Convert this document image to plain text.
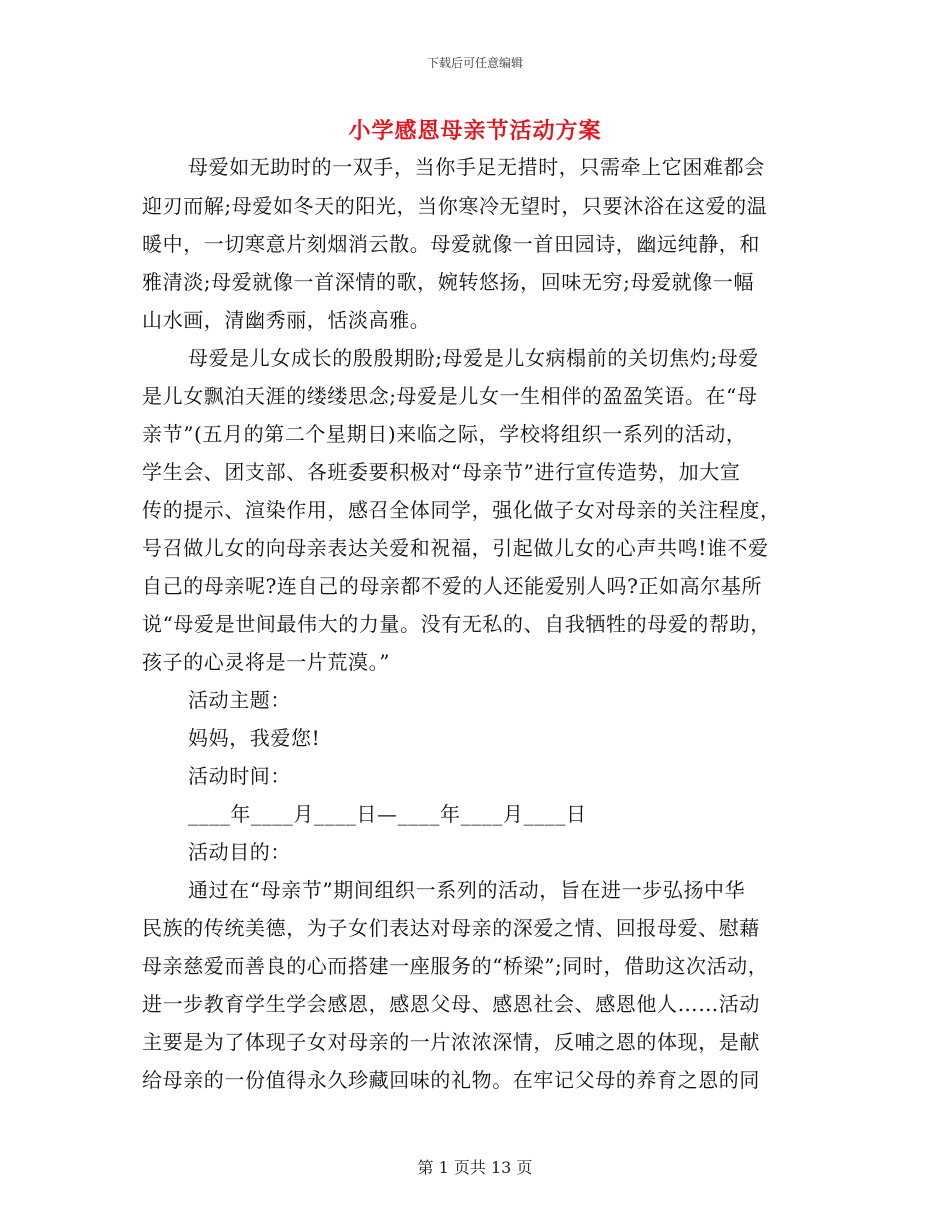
下载后可任意编辑
小学感恩母亲节活动方案
母爱如无助时的一双手，当你手足无措时，只需牵上它困难都会
迎刃而解;母爱如冬天的阳光，当你寒冷无望时，只要沐浴在这爱的温
暖中，一切寒意片刻烟消云散。母爱就像一首田园诗，幽远纯静，和
雅清淡;母爱就像一首深情的歌，婉转悠扬，回味无穷;母爱就像一幅
山水画，清幽秀丽，恬淡高雅。
母爱是儿女成长的殷殷期盼;母爱是儿女病榻前的关切焦灼;母爱
是儿女飘泊天涯的缕缕思念;母爱是儿女一生相伴的盈盈笑语。在“母
亲节”(五月的第二个星期日)来临之际，学校将组织一系列的活动，
学生会、团支部、各班委要积极对“母亲节”进行宣传造势，加大宣
传的提示、渲染作用，感召全体同学，强化做子女对母亲的关注程度，
号召做儿女的向母亲表达关爱和祝福，引起做儿女的心声共鸣!谁不爱
自己的母亲呢?连自己的母亲都不爱的人还能爱别人吗?正如高尔基所
说“母爱是世间最伟大的力量。没有无私的、自我牺牲的母爱的帮助，
孩子的心灵将是一片荒漠。”
活动主题：
妈妈，我爱您!
活动时间：
____年____月____日—____年____月____日
活动目的：
通过在“母亲节”期间组织一系列的活动，旨在进一步弘扬中华
民族的传统美德，为子女们表达对母亲的深爱之情、回报母爱、慰藉
母亲慈爱而善良的心而搭建一座服务的“桥梁”;同时，借助这次活动，
进一步教育学生学会感恩，感恩父母、感恩社会、感恩他人……活动
主要是为了体现子女对母亲的一片浓浓深情，反哺之恩的体现，是献
给母亲的一份值得永久珍藏回味的礼物。在牢记父母的养育之恩的同
第 1 页共 13 页
